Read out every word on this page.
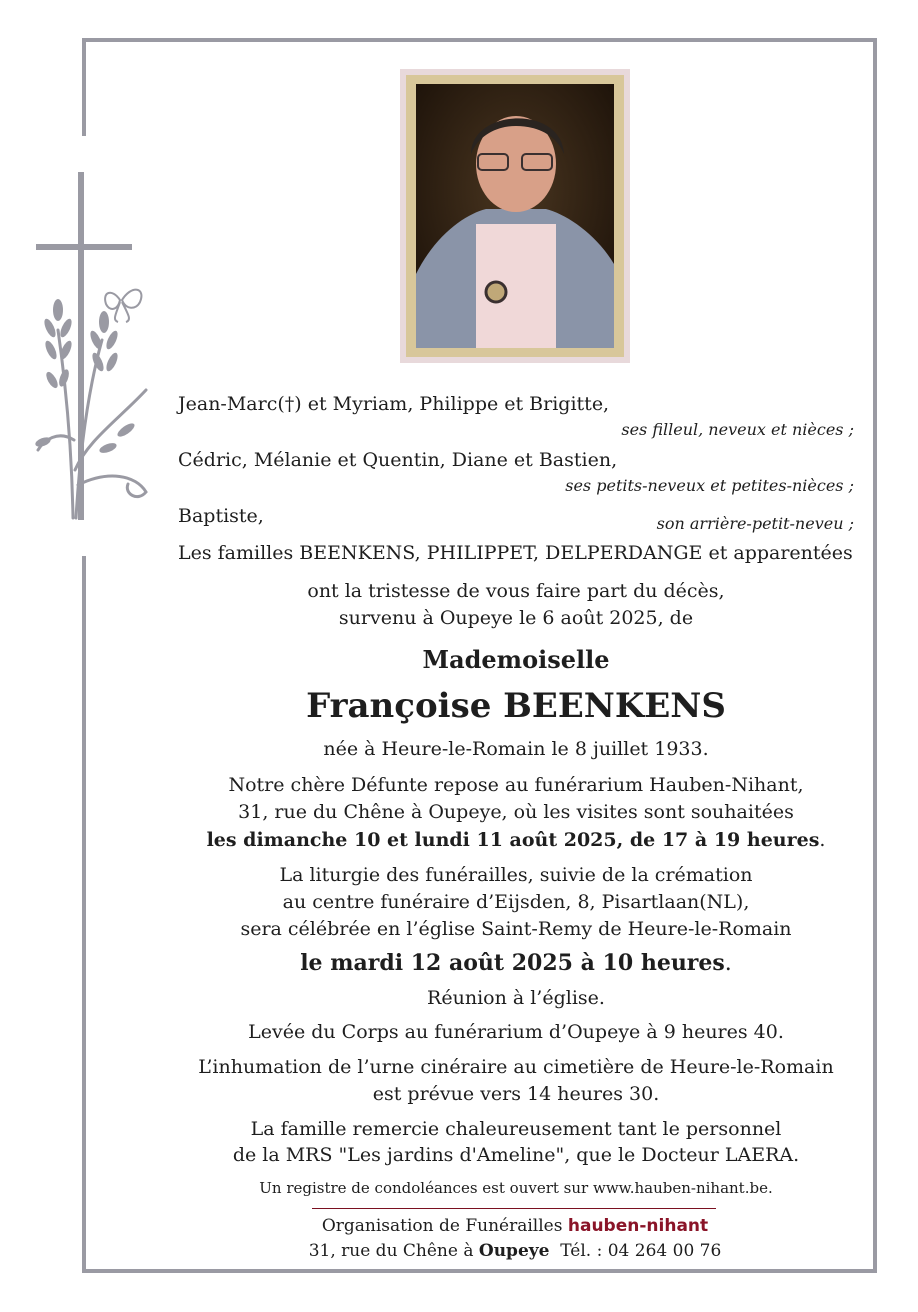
Jean-Marc(†) et Myriam, Philippe et Brigitte,
ses filleul, neveux et nièces ;
Cédric, Mélanie et Quentin, Diane et Bastien,
ses petits-neveux et petites-nièces ;
Baptiste,	son arrière-petit-neveu ;
Les familles BEENKENS, PHILIPPET, DELPERDANGE et apparentées
ont la tristesse de vous faire part du décès,
survenu à Oupeye le 6 août 2025, de
Mademoiselle
Françoise BEENKENS
née à Heure-le-Romain le 8 juillet 1933.
Notre chère Défunte repose au funérarium Hauben-Nihant,
31, rue du Chêne à Oupeye, où les visites sont souhaitées
les dimanche 10 et lundi 11 août 2025, de 17 à 19 heures.
La liturgie des funérailles, suivie de la crémation
au centre funéraire d’Eijsden, 8, Pisartlaan(NL),
sera célébrée en l’église Saint-Remy de Heure-le-Romain
le mardi 12 août 2025 à 10 heures.
Réunion à l’église.
Levée du Corps au funérarium d’Oupeye à 9 heures 40.
L’inhumation de l’urne cinéraire au cimetière de Heure-le-Romain
est prévue vers 14 heures 30.
La famille remercie chaleureusement tant le personnel
de la MRS "Les jardins d'Ameline", que le Docteur LAERA.
Un registre de condoléances est ouvert sur www.hauben-nihant.be.
Organisation de Funérailles hauben-nihant
31, rue du Chêne à Oupeye Tél. : 04 264 00 76
